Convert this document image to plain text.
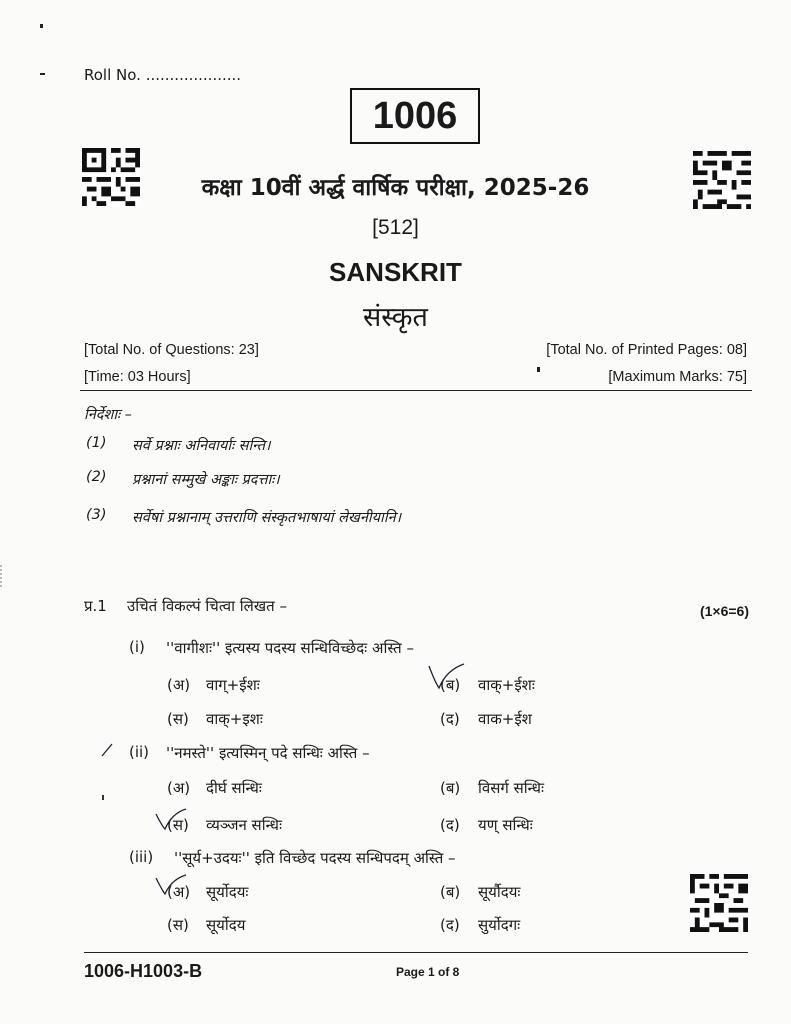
Roll No. ....................
1006
कक्षा 10वीं अर्द्ध वार्षिक परीक्षा, 2025-26
[512]
SANSKRIT
संस्कृत
[Total No. of Questions: 23]	[Total No. of Printed Pages: 08]
[Time: 03 Hours]	[Maximum Marks: 75]
निर्देशाः –
(1) सर्वे प्रश्नाः अनिवार्याः सन्ति।
(2) प्रश्नानां सम्मुखे अङ्काः प्रदत्ताः।
(3) सर्वेषां प्रश्नानाम् उत्तराणि संस्कृतभाषायां लेखनीयानि।
प्र.1 उचितं विकल्पं चित्वा लिखत –	(1×6=6)
(i) ''वागीशः'' इत्यस्य पदस्य सन्धिविच्छेदः अस्ति –
(अ) वाग्+ईशः	(ब) वाक्+ईशः
(स) वाक्+इशः	(द) वाक+ईश
(ii) ''नमस्ते'' इत्यस्मिन् पदे सन्धिः अस्ति –
(अ) दीर्घ सन्धिः	(ब) विसर्ग सन्धिः
(स) व्यञ्जन सन्धिः	(द) यण् सन्धिः
(iii) ''सूर्य+उदयः'' इति विच्छेद पदस्य सन्धिपदम् अस्ति –
(अ) सूर्योदयः	(ब) सूर्यौदयः
(स) सूर्योदय	(द) सुर्योदगः
1006-H1003-B	Page 1 of 8
